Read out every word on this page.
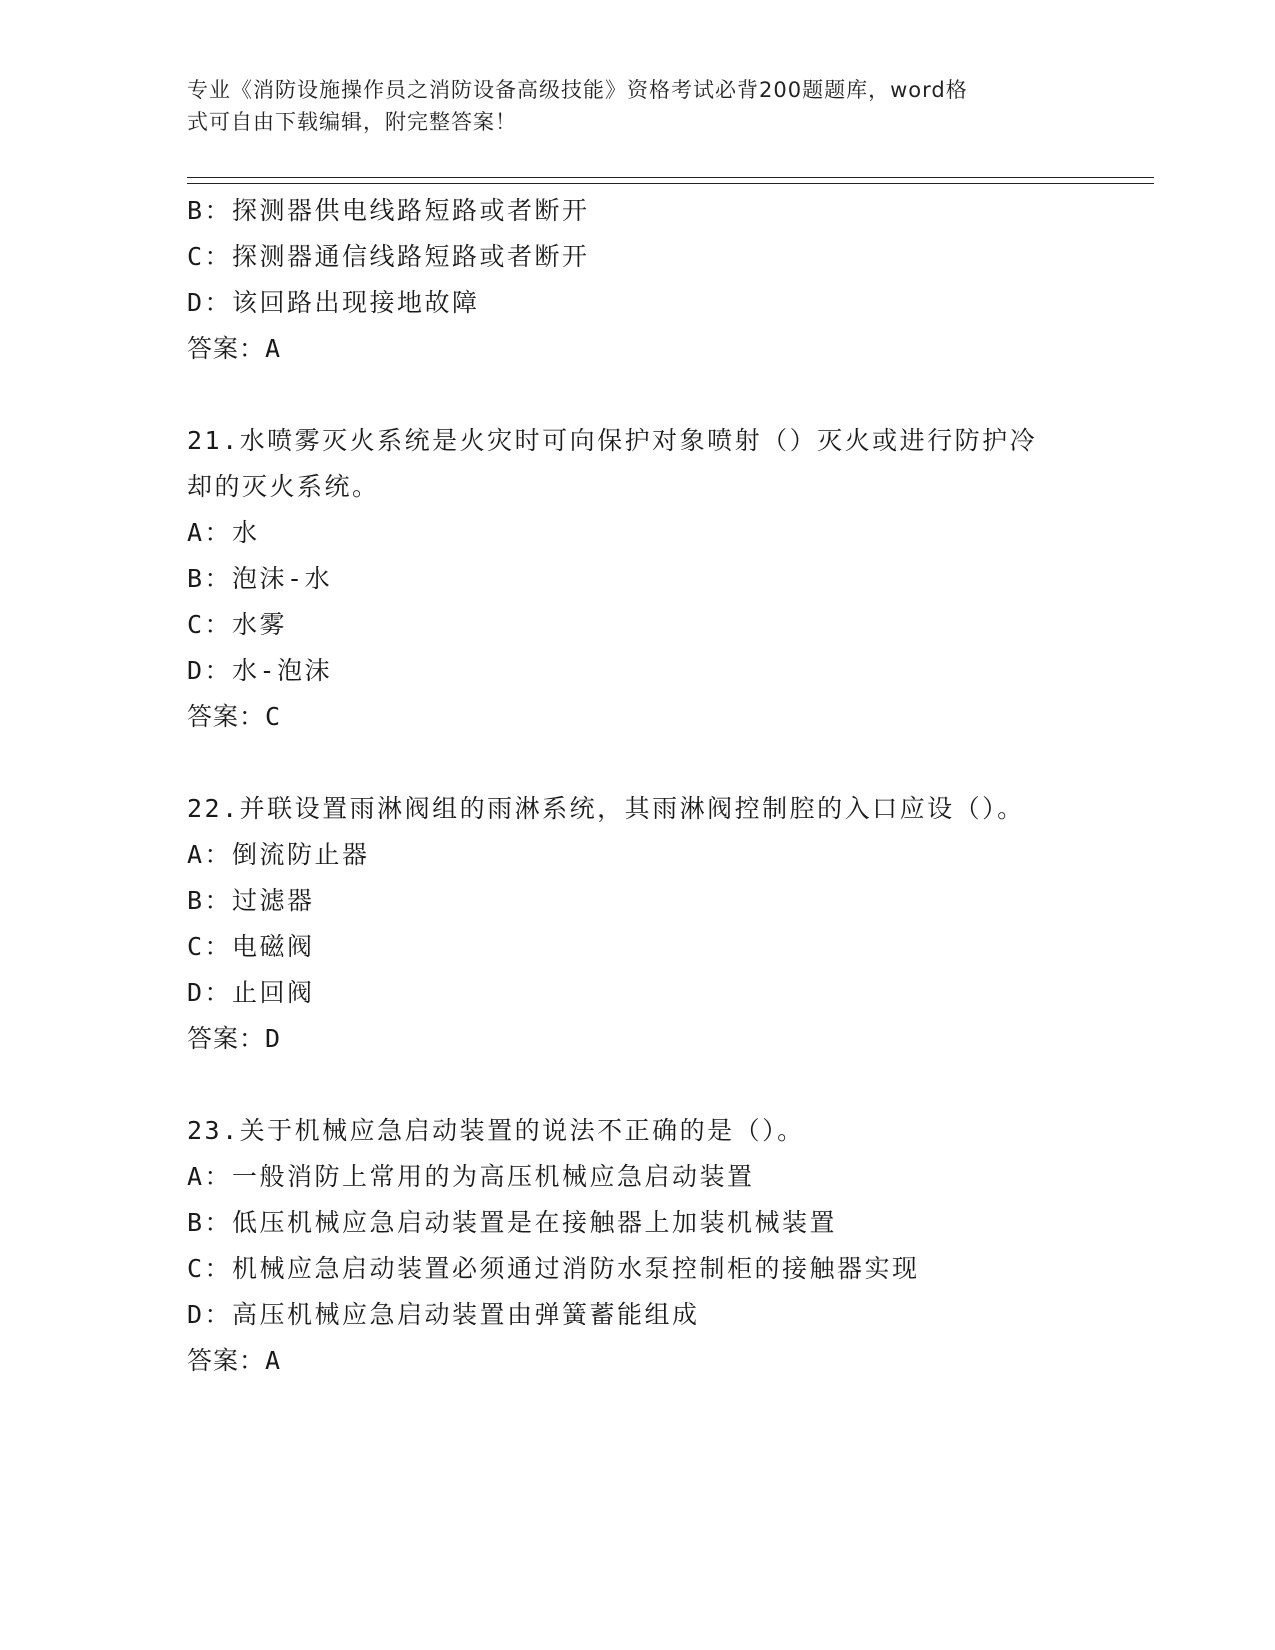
专业《消防设施操作员之消防设备高级技能》资格考试必背200题题库，word格
式可自由下载编辑，附完整答案！
B：探测器供电线路短路或者断开
C：探测器通信线路短路或者断开
D：该回路出现接地故障
答案：A
21.水喷雾灭火系统是火灾时可向保护对象喷射（）灭火或进行防护冷
却的灭火系统。
A：水
B：泡沫-水
C：水雾
D：水-泡沫
答案：C
22.并联设置雨淋阀组的雨淋系统，其雨淋阀控制腔的入口应设（）。
A：倒流防止器
B：过滤器
C：电磁阀
D：止回阀
答案：D
23.关于机械应急启动装置的说法不正确的是（）。
A：一般消防上常用的为高压机械应急启动装置
B：低压机械应急启动装置是在接触器上加装机械装置
C：机械应急启动装置必须通过消防水泵控制柜的接触器实现
D：高压机械应急启动装置由弹簧蓄能组成
答案：A
